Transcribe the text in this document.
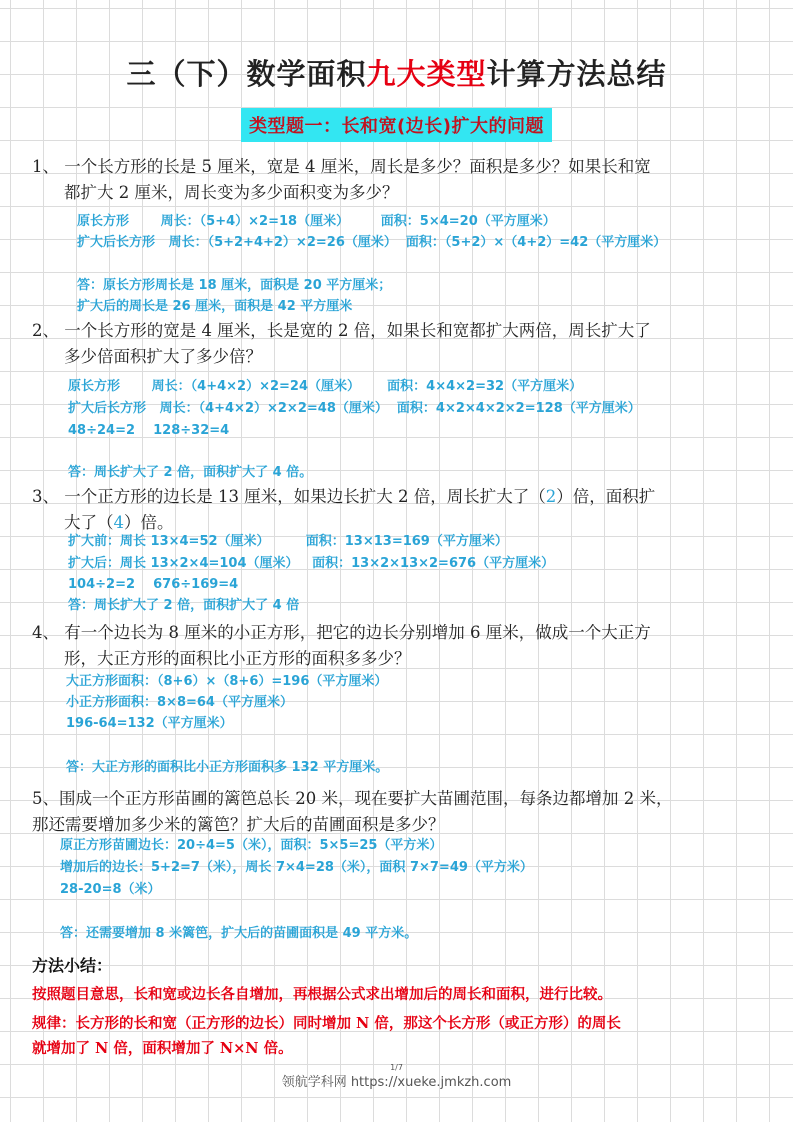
三（下）数学面积九大类型计算方法总结
类型题一：长和宽(边长)扩大的问题
1、 一个长方形的长是 5 厘米，宽是 4 厘米，周长是多少？面积是多少？如果长和宽
都扩大 2 厘米，周长变为多少面积变为多少？
原长方形       周长：（5+4）×2=18（厘米）       面积：5×4=20（平方厘米）
扩大后长方形   周长：（5+2+4+2）×2=26（厘米）  面积：（5+2）×（4+2）=42（平方厘米）
答：原长方形周长是 18 厘米，面积是 20 平方厘米；
扩大后的周长是 26 厘米，面积是 42 平方厘米
2、 一个长方形的宽是 4 厘米，长是宽的 2 倍，如果长和宽都扩大两倍，周长扩大了
多少倍面积扩大了多少倍？
原长方形       周长：（4+4×2）×2=24（厘米）      面积：4×4×2=32（平方厘米）
扩大后长方形   周长：（4+4×2）×2×2=48（厘米）  面积：4×2×4×2×2=128（平方厘米）
48÷24=2    128÷32=4
答：周长扩大了 2 倍，面积扩大了 4 倍。
3、 一个正方形的边长是 13 厘米，如果边长扩大 2 倍，周长扩大了（2）倍，面积扩
大了（4）倍。
扩大前：周长 13×4=52（厘米）        面积：13×13=169（平方厘米）
扩大后：周长 13×2×4=104（厘米）   面积：13×2×13×2=676（平方厘米）
104÷2=2    676÷169=4
答：周长扩大了 2 倍，面积扩大了 4 倍
4、 有一个边长为 8 厘米的小正方形，把它的边长分别增加 6 厘米，做成一个大正方
形，大正方形的面积比小正方形的面积多多少？
大正方形面积：（8+6）×（8+6）=196（平方厘米）
小正方形面积：8×8=64（平方厘米）
196-64=132（平方厘米）
答：大正方形的面积比小正方形面积多 132 平方厘米。
5、围成一个正方形苗圃的篱笆总长 20 米，现在要扩大苗圃范围，每条边都增加 2 米，
那还需要增加多少米的篱笆？扩大后的苗圃面积是多少？
原正方形苗圃边长：20÷4=5（米），面积：5×5=25（平方米）
增加后的边长：5+2=7（米），周长 7×4=28（米），面积 7×7=49（平方米）
28-20=8（米）
答：还需要增加 8 米篱笆，扩大后的苗圃面积是 49 平方米。
方法小结：
按照题目意思，长和宽或边长各自增加，再根据公式求出增加后的周长和面积，进行比较。
规律：长方形的长和宽（正方形的边长）同时增加 N 倍，那这个长方形（或正方形）的周长
就增加了 N 倍，面积增加了 N×N 倍。
1/7
领航学科网 https://xueke.jmkzh.com
